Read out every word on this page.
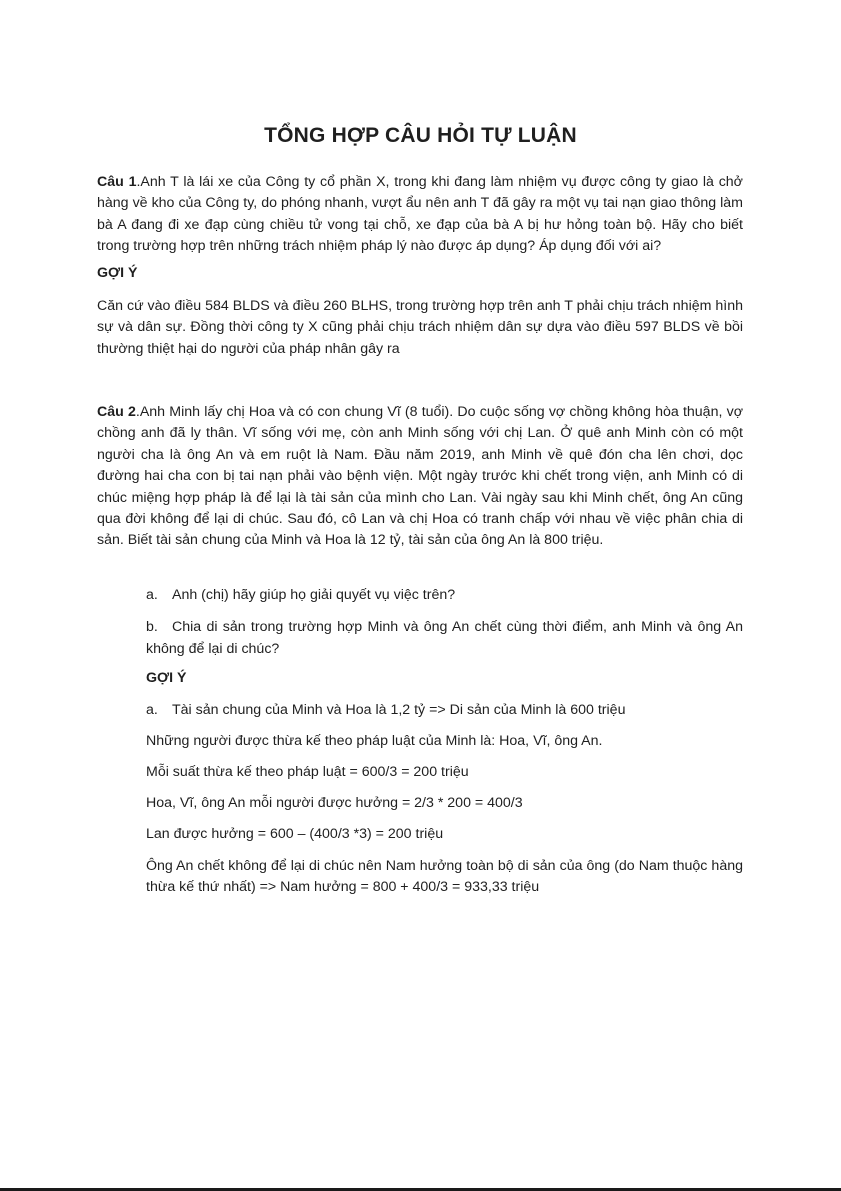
TỔNG HỢP CÂU HỎI TỰ LUẬN

Câu 1.Anh T là lái xe của Công ty cổ phần X, trong khi đang làm nhiệm vụ được công ty giao là chở hàng về kho của Công ty, do phóng nhanh, vượt ẩu nên anh T đã gây ra một vụ tai nạn giao thông làm bà A đang đi xe đạp cùng chiều tử vong tại chỗ, xe đạp của bà A bị hư hỏng toàn bộ. Hãy cho biết trong trường hợp trên những trách nhiệm pháp lý nào được áp dụng? Áp dụng đối với ai?

GỢI Ý

Căn cứ vào điều 584 BLDS và điều 260 BLHS, trong trường hợp trên anh T phải chịu trách nhiệm hình sự và dân sự. Đồng thời công ty X cũng phải chịu trách nhiệm dân sự dựa vào điều 597 BLDS về bồi thường thiệt hại do người của pháp nhân gây ra

Câu 2.Anh Minh lấy chị Hoa và có con chung Vĩ (8 tuổi). Do cuộc sống vợ chồng không hòa thuận, vợ chồng anh đã ly thân. Vĩ sống với mẹ, còn anh Minh sống với chị Lan. Ở quê anh Minh còn có một người cha là ông An và em ruột là Nam. Đầu năm 2019, anh Minh về quê đón cha lên chơi, dọc đường hai cha con bị tai nạn phải vào bệnh viện. Một ngày trước khi chết trong viện, anh Minh có di chúc miệng hợp pháp là để lại là tài sản của mình cho Lan. Vài ngày sau khi Minh chết, ông An cũng qua đời không để lại di chúc. Sau đó, cô Lan và chị Hoa có tranh chấp với nhau về việc phân chia di sản. Biết tài sản chung của Minh và Hoa là 12 tỷ, tài sản của ông An là 800 triệu.

a. Anh (chị) hãy giúp họ giải quyết vụ việc trên?
b. Chia di sản trong trường hợp Minh và ông An chết cùng thời điểm, anh Minh và ông An không để lại di chúc?

GỢI Ý

a. Tài sản chung của Minh và Hoa là 1,2 tỷ => Di sản của Minh là 600 triệu

Những người được thừa kế theo pháp luật của Minh là: Hoa, Vĩ, ông An.

Mỗi suất thừa kế theo pháp luật = 600/3 = 200 triệu

Hoa, Vĩ, ông An mỗi người được hưởng = 2/3 * 200 = 400/3

Lan được hưởng = 600 – (400/3 *3) = 200 triệu

Ông An chết không để lại di chúc nên Nam hưởng toàn bộ di sản của ông (do Nam thuộc hàng thừa kế thứ nhất) => Nam hưởng = 800 + 400/3 = 933,33 triệu
